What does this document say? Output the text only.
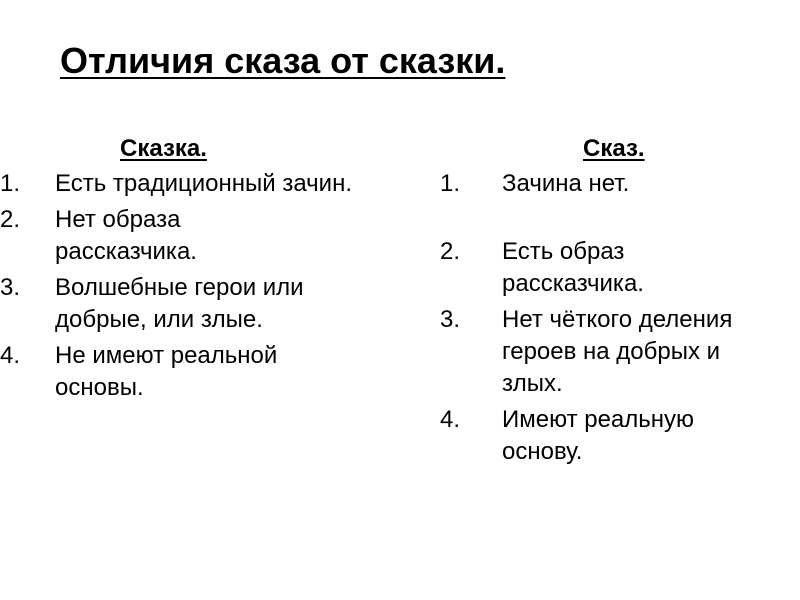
Отличия сказа от сказки.
Сказка.
1.	Есть традиционный зачин.
2.	Нет образа рассказчика.
3.	Волшебные герои или добрые, или злые.
4.	Не имеют реальной основы.
Сказ.
1.	Зачина нет.
2.	Есть образ рассказчика.
3.	Нет чёткого деления героев на добрых и злых.
4.	Имеют реальную основу.
